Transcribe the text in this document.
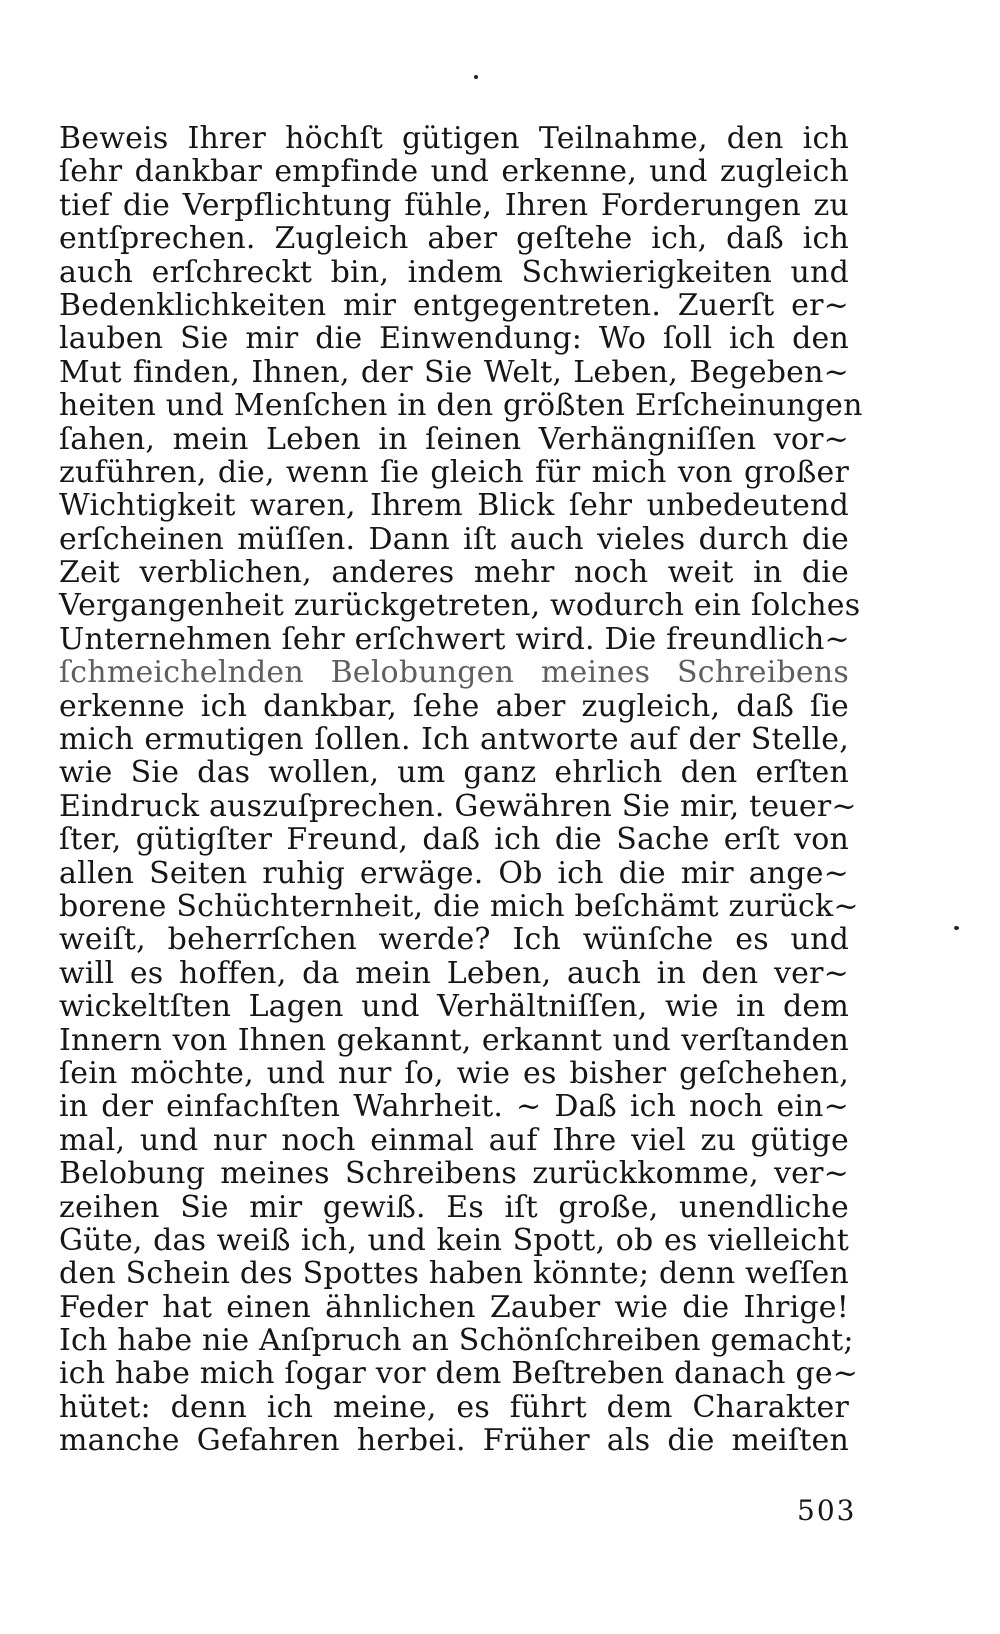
Beweis Ihrer höchſt gütigen Teilnahme, den ich
ſehr dankbar empfinde und erkenne, und zugleich
tief die Verpflichtung fühle, Ihren Forderungen zu
entſprechen. Zugleich aber geſtehe ich, daß ich
auch erſchreckt bin, indem Schwierigkeiten und
Bedenklichkeiten mir entgegentreten. Zuerſt er~
lauben Sie mir die Einwendung: Wo ſoll ich den
Mut finden, Ihnen, der Sie Welt, Leben, Begeben~
heiten und Menſchen in den größten Erſcheinungen
ſahen, mein Leben in ſeinen Verhängniſſen vor~
zuführen, die, wenn ſie gleich für mich von großer
Wichtigkeit waren, Ihrem Blick ſehr unbedeutend
erſcheinen müſſen. Dann iſt auch vieles durch die
Zeit verblichen, anderes mehr noch weit in die
Vergangenheit zurückgetreten, wodurch ein ſolches
Unternehmen ſehr erſchwert wird. Die freundlich~
ſchmeichelnden Belobungen meines Schreibens
erkenne ich dankbar, ſehe aber zugleich, daß ſie
mich ermutigen ſollen. Ich antworte auf der Stelle,
wie Sie das wollen, um ganz ehrlich den erſten
Eindruck auszuſprechen. Gewähren Sie mir, teuer~
ſter, gütigſter Freund, daß ich die Sache erſt von
allen Seiten ruhig erwäge. Ob ich die mir ange~
borene Schüchternheit, die mich beſchämt zurück~
weiſt, beherrſchen werde? Ich wünſche es und
will es hoffen, da mein Leben, auch in den ver~
wickeltſten Lagen und Verhältniſſen, wie in dem
Innern von Ihnen gekannt, erkannt und verſtanden
ſein möchte, und nur ſo, wie es bisher geſchehen,
in der einfachſten Wahrheit. ~ Daß ich noch ein~
mal, und nur noch einmal auf Ihre viel zu gütige
Belobung meines Schreibens zurückkomme, ver~
zeihen Sie mir gewiß. Es iſt große, unendliche
Güte, das weiß ich, und kein Spott, ob es vielleicht
den Schein des Spottes haben könnte; denn weſſen
Feder hat einen ähnlichen Zauber wie die Ihrige!
Ich habe nie Anſpruch an Schönſchreiben gemacht;
ich habe mich ſogar vor dem Beſtreben danach ge~
hütet: denn ich meine, es führt dem Charakter
manche Gefahren herbei. Früher als die meiſten
503
